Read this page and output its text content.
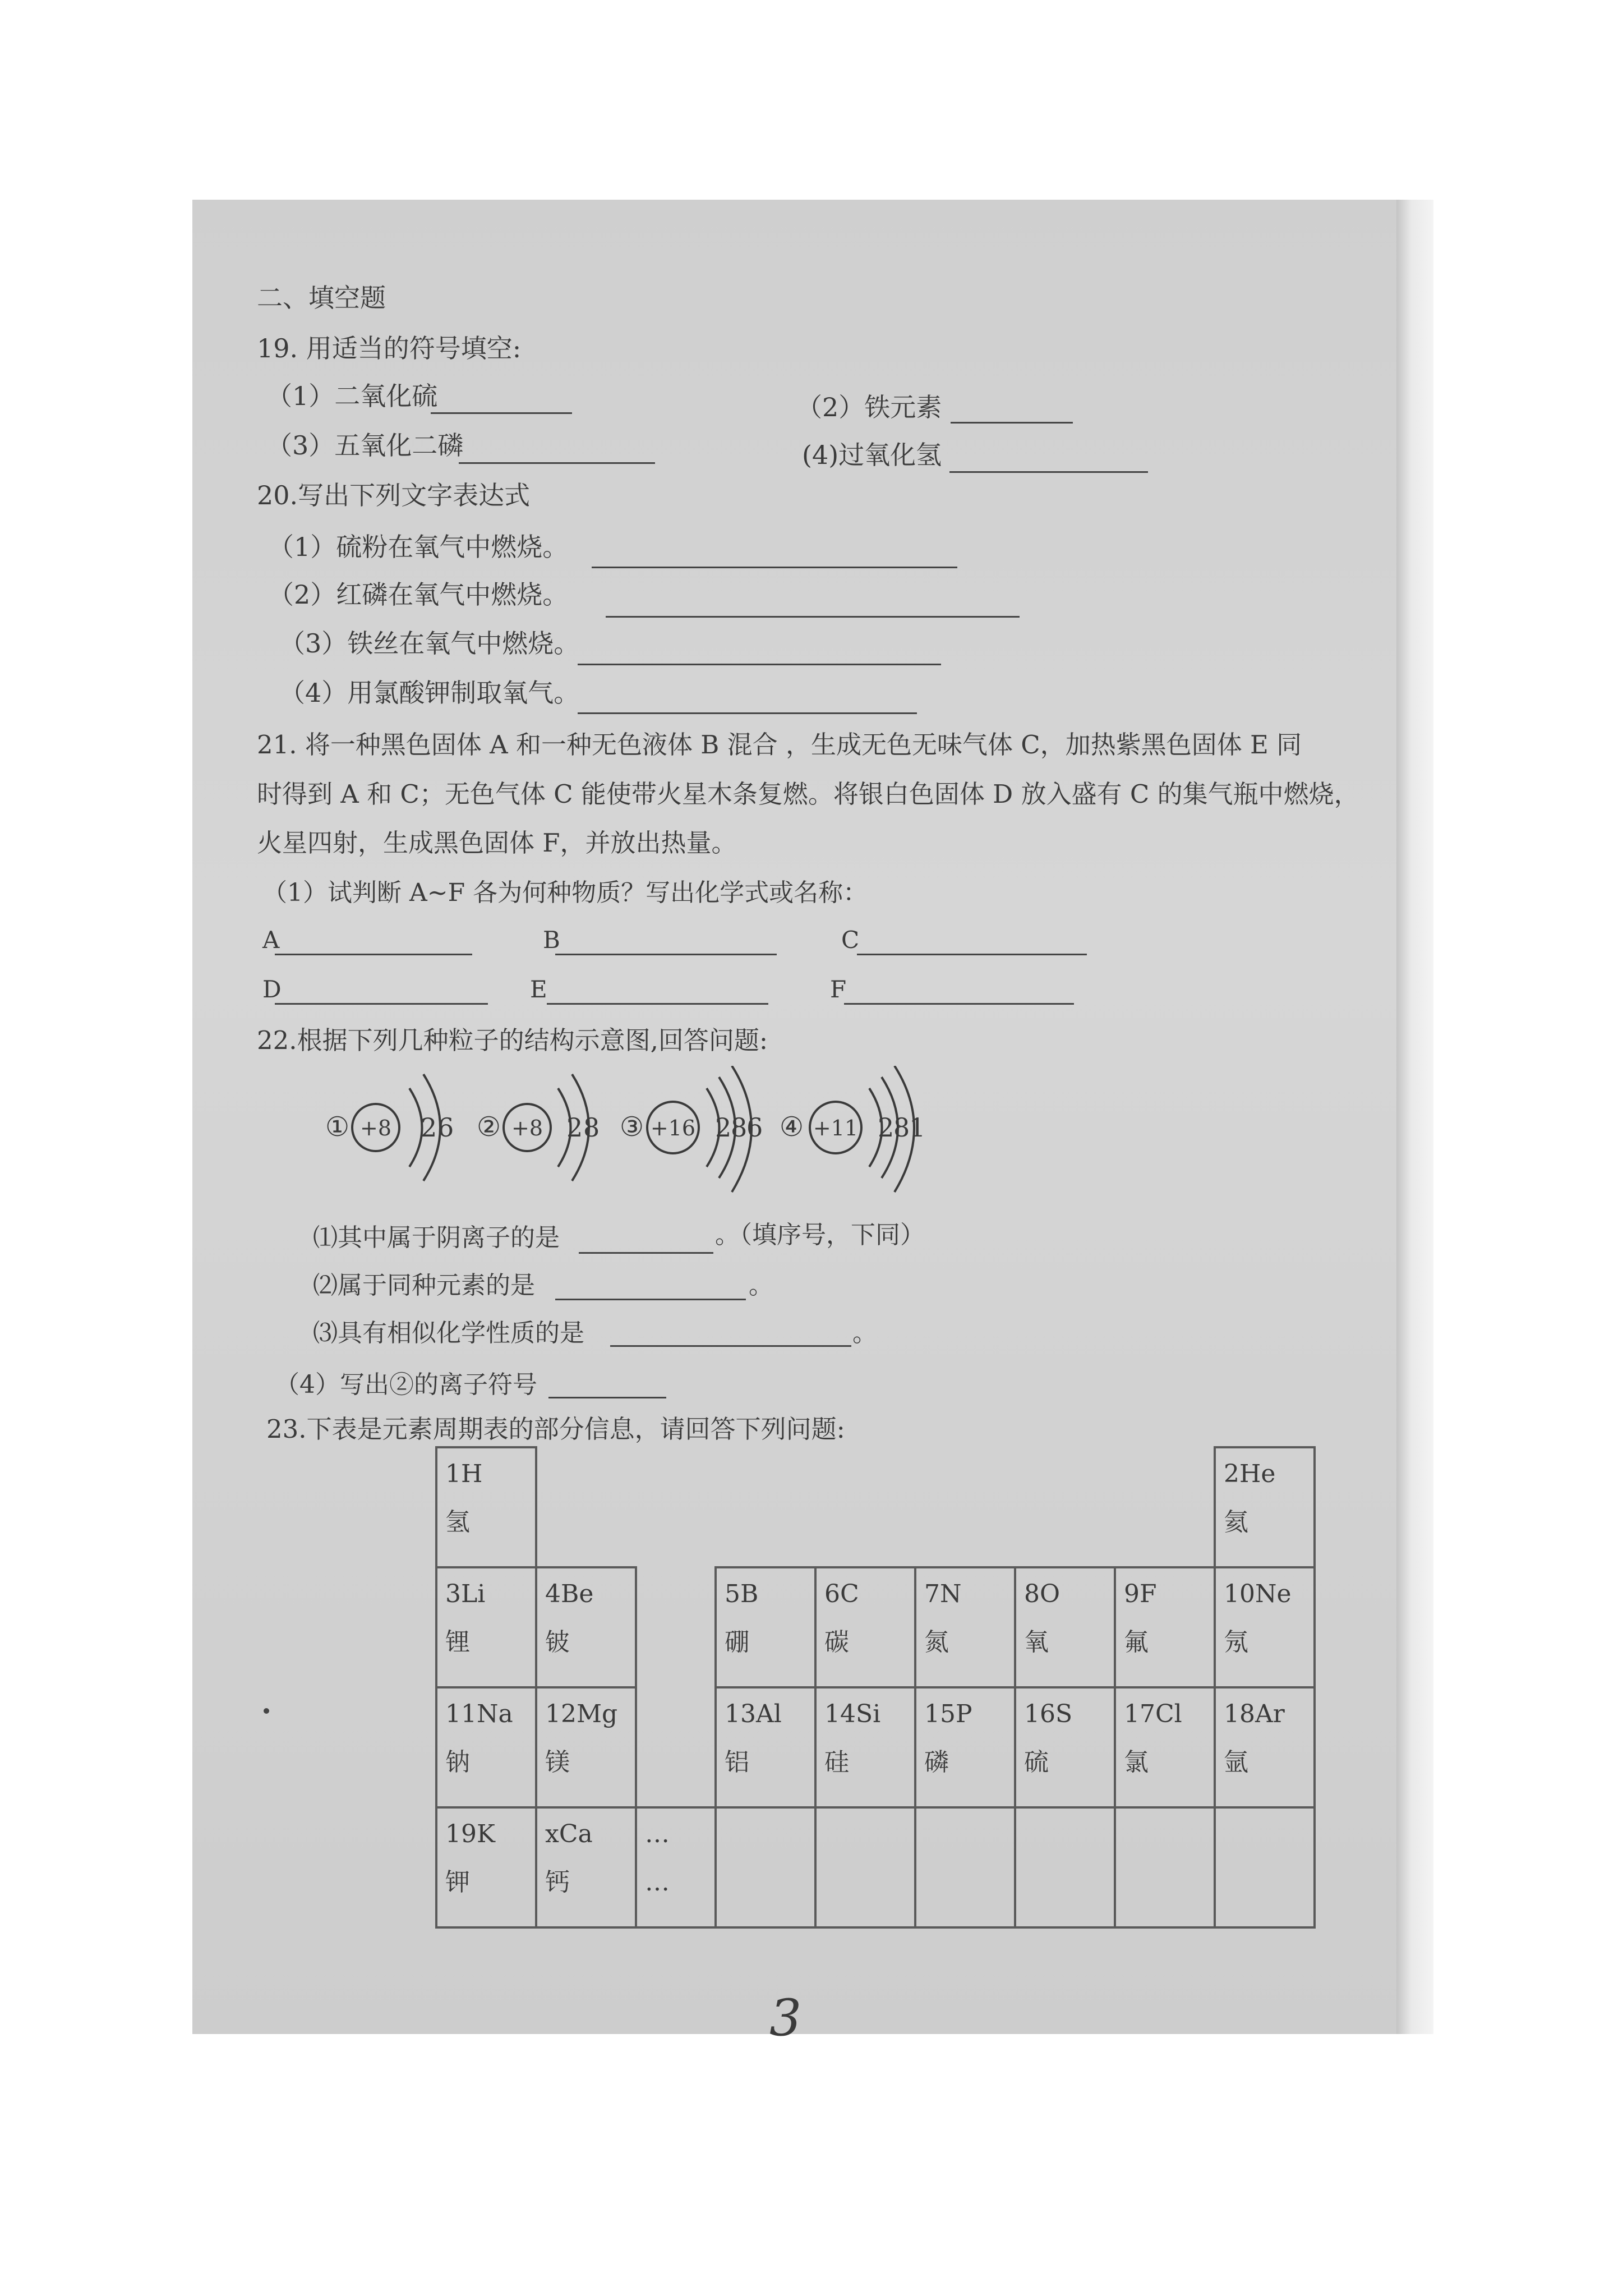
二、填空题
19. 用适当的符号填空:
（1）二氧化硫	（2）铁元素
（3）五氧化二磷	(4)过氧化氢
20.写出下列文字表达式
（1）硫粉在氧气中燃烧。
（2）红磷在氧气中燃烧。
（3）铁丝在氧气中燃烧。
（4）用氯酸钾制取氧气。
21. 将一种黑色固体 A 和一种无色液体 B 混合 ，生成无色无味气体 C，加热紫黑色固体 E 同
时得到 A 和 C；无色气体 C 能使带火星木条复燃。将银白色固体 D 放入盛有 C 的集气瓶中燃烧，
火星四射，生成黑色固体 F，并放出热量。
（1）试判断 A~F 各为何种物质？写出化学式或名称：
A	B	C
D	E	F
22.根据下列几种粒子的结构示意图,回答问题:
① +8 2 6 ② +8 2 8 ③ +16 2
8
6 ④ +11 2
8
1
⑴其中属于阴离子的是	。（填序号，下同）
⑵属于同种元素的是	。
⑶具有相似化学性质的是	。
（4）写出②的离子符号
23.下表是元素周期表的部分信息，请回答下列问题:
1H
氢								2He
氦

3Li
锂	4Be
铍		5B
硼	6C
碳	7N
氮	8O
氧	9F
氟	10Ne
氖

11Na
钠	12Mg
镁		13Al
铝	14Si
硅	15P
磷	16S
硫	17Cl
氯	18Ar
氩

19K
钾	xCa
钙	…
…						

3
